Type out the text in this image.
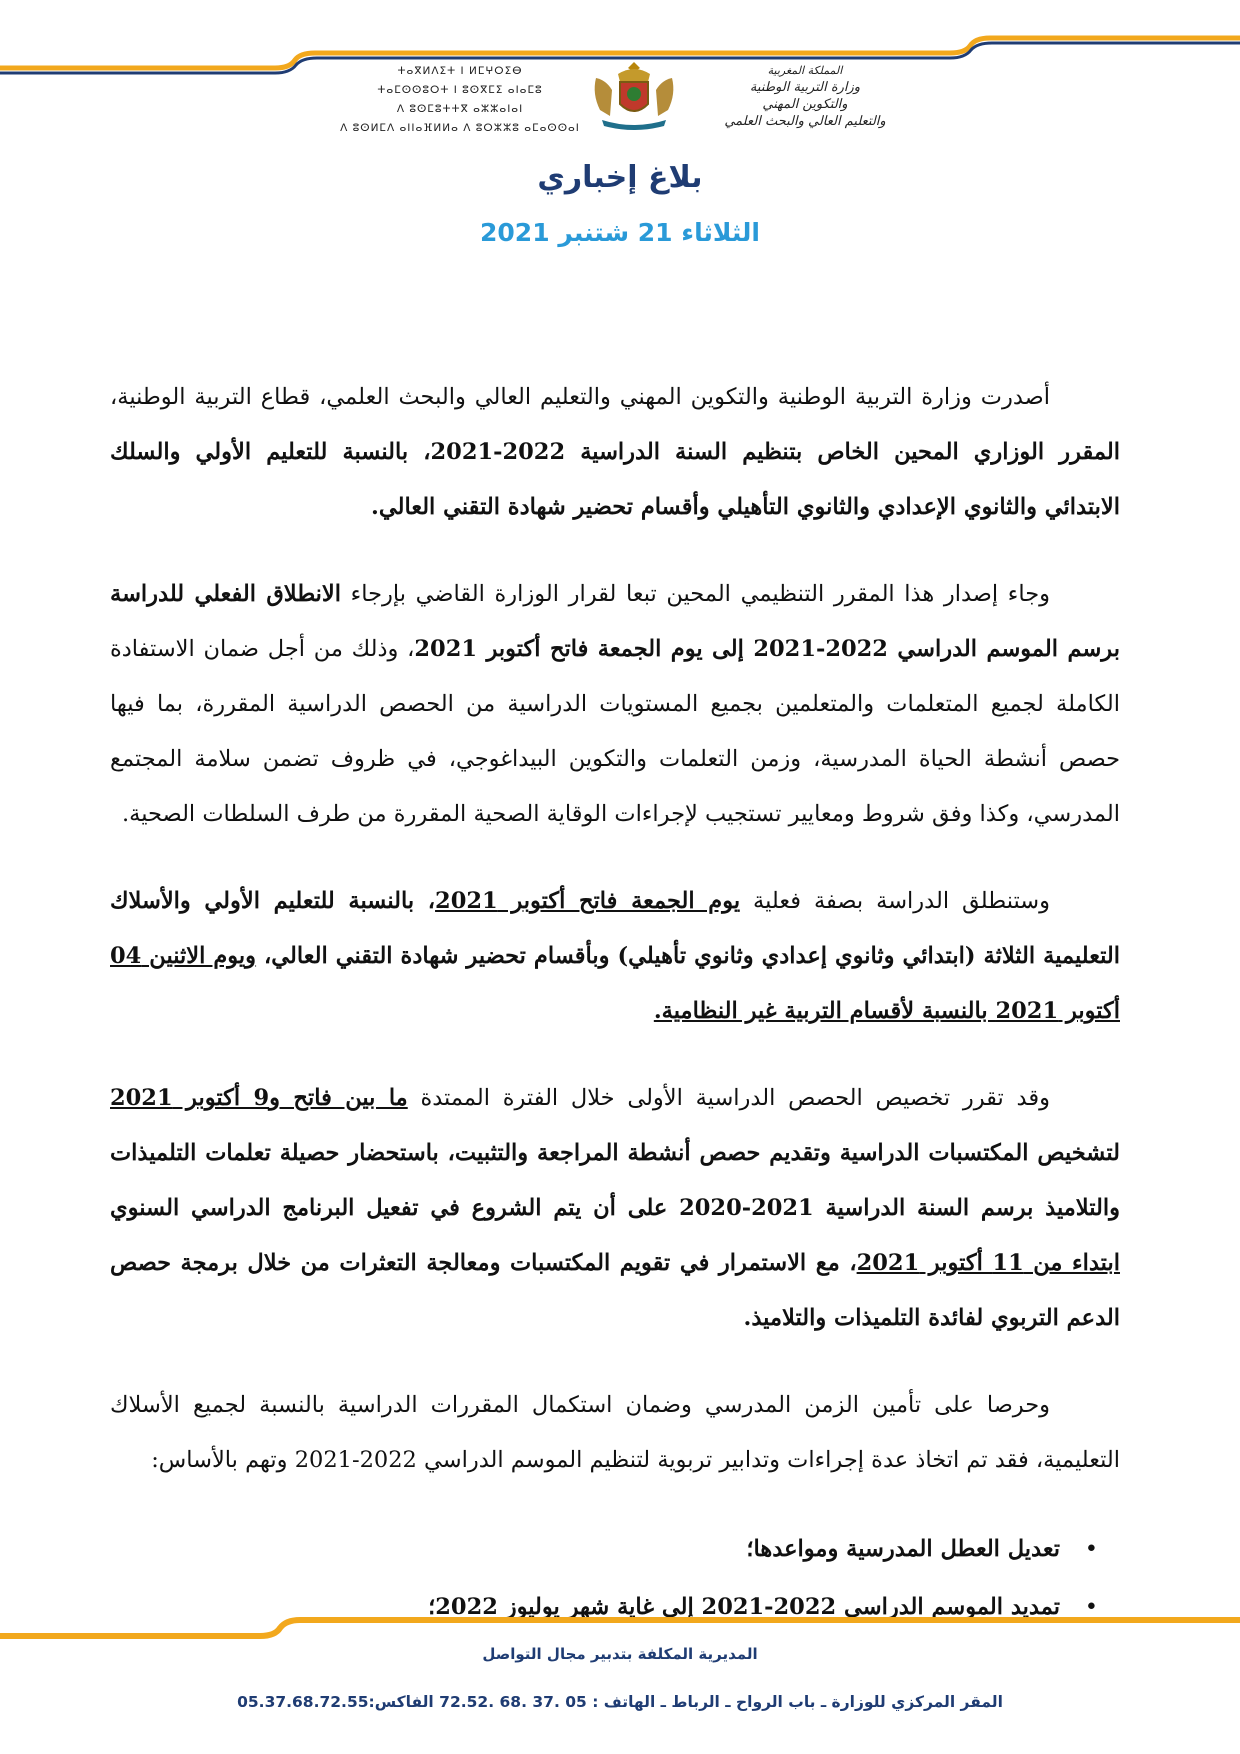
ⵜⴰⴳⵍⴷⵉⵜ ⵏ ⵍⵎⵖⵔⵉⴱ
ⵜⴰⵎⵙⵙⵓⵔⵜ ⵏ ⵓⵙⴳⵎⵉ ⴰⵏⴰⵎⵓ
ⴷ ⵓⵙⵎⵓⵜⵜⴳ ⴰⵣⵣⴰⵏⴰⵏ
ⴷ ⵓⵙⵍⵎⴷ ⴰⵏⵏⴰⴼⵍⵍⴰ ⴷ ⵓⵔⵣⵣⵓ ⴰⵎⴰⵙⵙⴰⵏ
المملكة المغربية
وزارة التربية الوطنية
والتكوين المهني
والتعليم العالي والبحث العلمي
بلاغ إخباري
الثلاثاء 21 شتنبر 2021

أصدرت وزارة التربية الوطنية والتكوين المهني والتعليم العالي والبحث العلمي، قطاع التربية الوطنية، المقرر الوزاري المحين الخاص بتنظيم السنة الدراسية 2022-2021، بالنسبة للتعليم الأولي والسلك الابتدائي والثانوي الإعدادي والثانوي التأهيلي وأقسام تحضير شهادة التقني العالي.

وجاء إصدار هذا المقرر التنظيمي المحين تبعا لقرار الوزارة القاضي بإرجاء الانطلاق الفعلي للدراسة برسم الموسم الدراسي 2022-2021 إلى يوم الجمعة فاتح أكتوبر 2021، وذلك من أجل ضمان الاستفادة الكاملة لجميع المتعلمات والمتعلمين بجميع المستويات الدراسية من الحصص الدراسية المقررة، بما فيها حصص أنشطة الحياة المدرسية، وزمن التعلمات والتكوين البيداغوجي، في ظروف تضمن سلامة المجتمع المدرسي، وكذا وفق شروط ومعايير تستجيب لإجراءات الوقاية الصحية المقررة من طرف السلطات الصحية.

وستنطلق الدراسة بصفة فعلية يوم الجمعة فاتح أكتوبر 2021، بالنسبة للتعليم الأولي والأسلاك التعليمية الثلاثة (ابتدائي وثانوي إعدادي وثانوي تأهيلي) وبأقسام تحضير شهادة التقني العالي، ويوم الاثنين 04 أكتوبر 2021 بالنسبة لأقسام التربية غير النظامية.

وقد تقرر تخصيص الحصص الدراسية الأولى خلال الفترة الممتدة ما بين فاتح و9 أكتوبر 2021 لتشخيص المكتسبات الدراسية وتقديم حصص أنشطة المراجعة والتثبيت، باستحضار حصيلة تعلمات التلميذات والتلاميذ برسم السنة الدراسية 2021-2020 على أن يتم الشروع في تفعيل البرنامج الدراسي السنوي ابتداء من 11 أكتوبر 2021، مع الاستمرار في تقويم المكتسبات ومعالجة التعثرات من خلال برمجة حصص الدعم التربوي لفائدة التلميذات والتلاميذ.

وحرصا على تأمين الزمن المدرسي وضمان استكمال المقررات الدراسية بالنسبة لجميع الأسلاك التعليمية، فقد تم اتخاذ عدة إجراءات وتدابير تربوية لتنظيم الموسم الدراسي 2022-2021 وتهم بالأساس:

•
تعديل العطل المدرسية ومواعدها؛
•
تمديد الموسم الدراسي 2022-2021 إلى غاية شهر يوليوز 2022؛
المديرية المكلفة بتدبير مجال التواصل
المقر المركزي للوزارة ـ باب الرواح ـ الرباط ـ الهاتف : 05 .37 .68 .72.52 الفاكس:05.37.68.72.55
